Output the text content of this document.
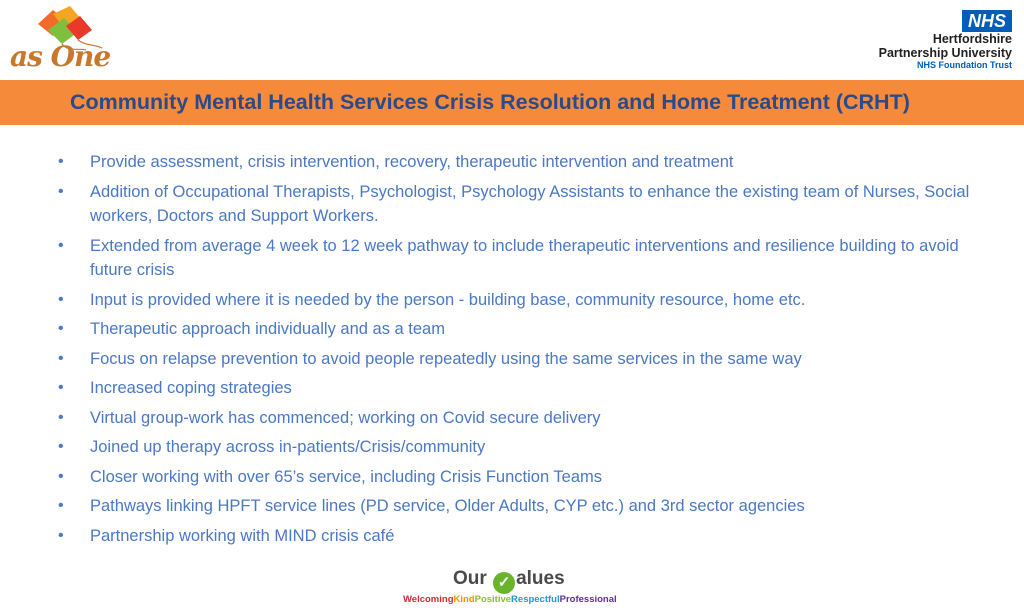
as One
NHS
Hertfordshire
Partnership University
NHS Foundation Trust
Community Mental Health Services Crisis Resolution and Home Treatment (CRHT)
• Provide assessment, crisis intervention, recovery, therapeutic intervention and treatment
• Addition of Occupational Therapists, Psychologist, Psychology Assistants to enhance the existing team of Nurses, Social workers, Doctors and Support Workers.
• Extended from average 4 week to 12 week pathway to include therapeutic interventions and resilience building to avoid future crisis
• Input is provided where it is needed by the person - building base, community resource, home etc.
• Therapeutic approach individually and as a team
• Focus on relapse prevention to avoid people repeatedly using the same services in the same way
• Increased coping strategies
• Virtual group-work has commenced; working on Covid secure delivery
• Joined up therapy across in-patients/Crisis/community
• Closer working with over 65’s service, including Crisis Function Teams
• Pathways linking HPFT service lines (PD service, Older Adults, CYP etc.) and 3rd sector agencies
• Partnership working with MIND crisis café
Our ✓ alues
WelcomingKindPositiveRespectfulProfessional
